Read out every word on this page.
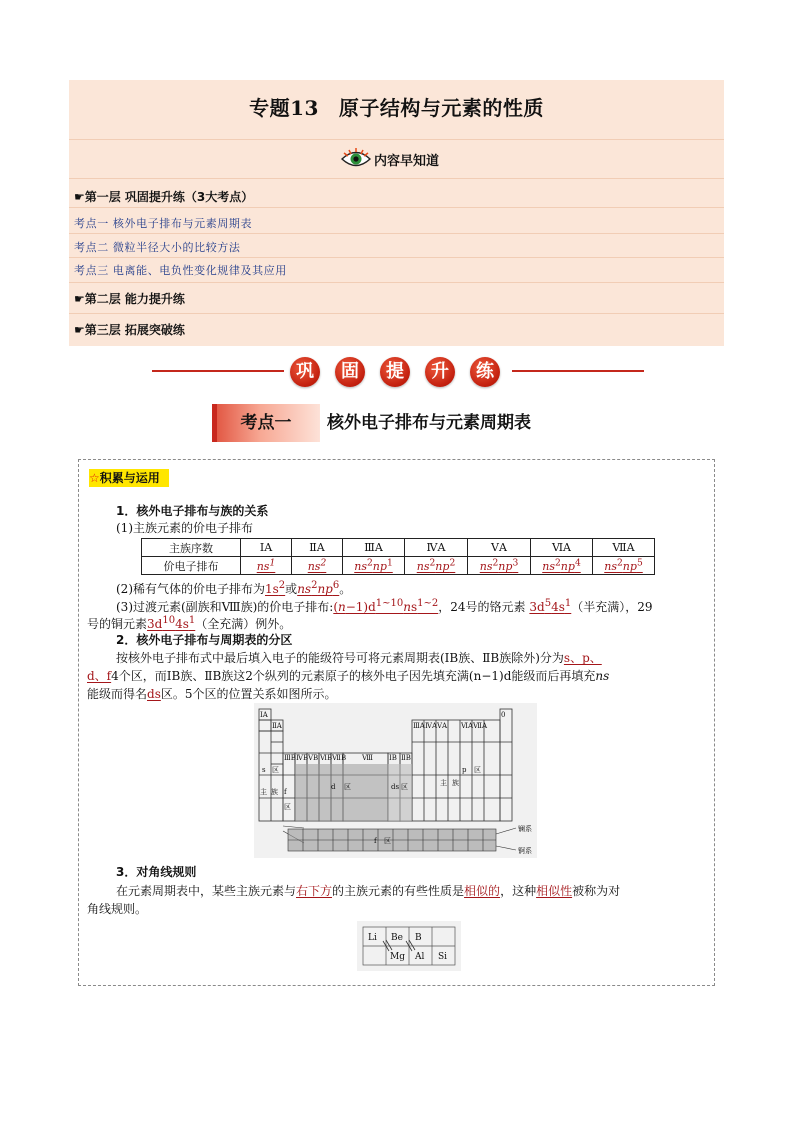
专题13 原子结构与元素的性质
内容早知道
☛第一层 巩固提升练（3大考点）
考点一 核外电子排布与元素周期表
考点二 微粒半径大小的比较方法
考点三 电离能、电负性变化规律及其应用
☛第二层 能力提升练
☛第三层 拓展突破练
巩	固	提	升	练
考点一	核外电子排布与元素周期表
☆积累与运用
1．核外电子排布与族的关系
(1)主族元素的价电子排布
主族序数	ⅠA	ⅡA	ⅢA	ⅣA	ⅤA	ⅥA	ⅦA
价电子排布	$ns^1$	$ns^2$	$ns^2np^1$	$ns^2np^2$	$ns^2np^3$	$ns^2np^4$	$ns^2np^5$
(2)稀有气体的价电子排布为$1s^2$或$ns^2np^6$。
(3)过渡元素(副族和Ⅷ族)的价电子排布$:(n-1)d^{1\sim 10}ns^{1\sim 2}$，24号的铬元素 $3d^54s^1$（半充满），29
号的铜元素$3d^{10}4s^1$（全充满）例外。
2．核外电子排布与周期表的分区
按核外电子排布式中最后填入电子的能级符号可将元素周期表(ⅠB族、ⅡB族除外)分为s、p、
d、f4个区，而ⅠB族、ⅡB族这2个纵列的元素原子的核外电子因先填充满(n−1)d能级而后再填充ns
能级而得名ds区。5个区的位置关系如图所示。
ⅠA
ⅡA	ⅢA ⅣA ⅤA ⅥA ⅦA
0
ⅢB ⅣB ⅤB ⅥB ⅦB Ⅷ ⅠB ⅡB
s 区
d 区	ds 区
p 区
f
区
主 族
主 族
f 区
镧系
锕系
3．对角线规则
在元素周期表中，某些主族元素与右下方的主族元素的有些性质是相似的，这种相似性被称为对
角线规则。
Li Be B
Mg Al Si
